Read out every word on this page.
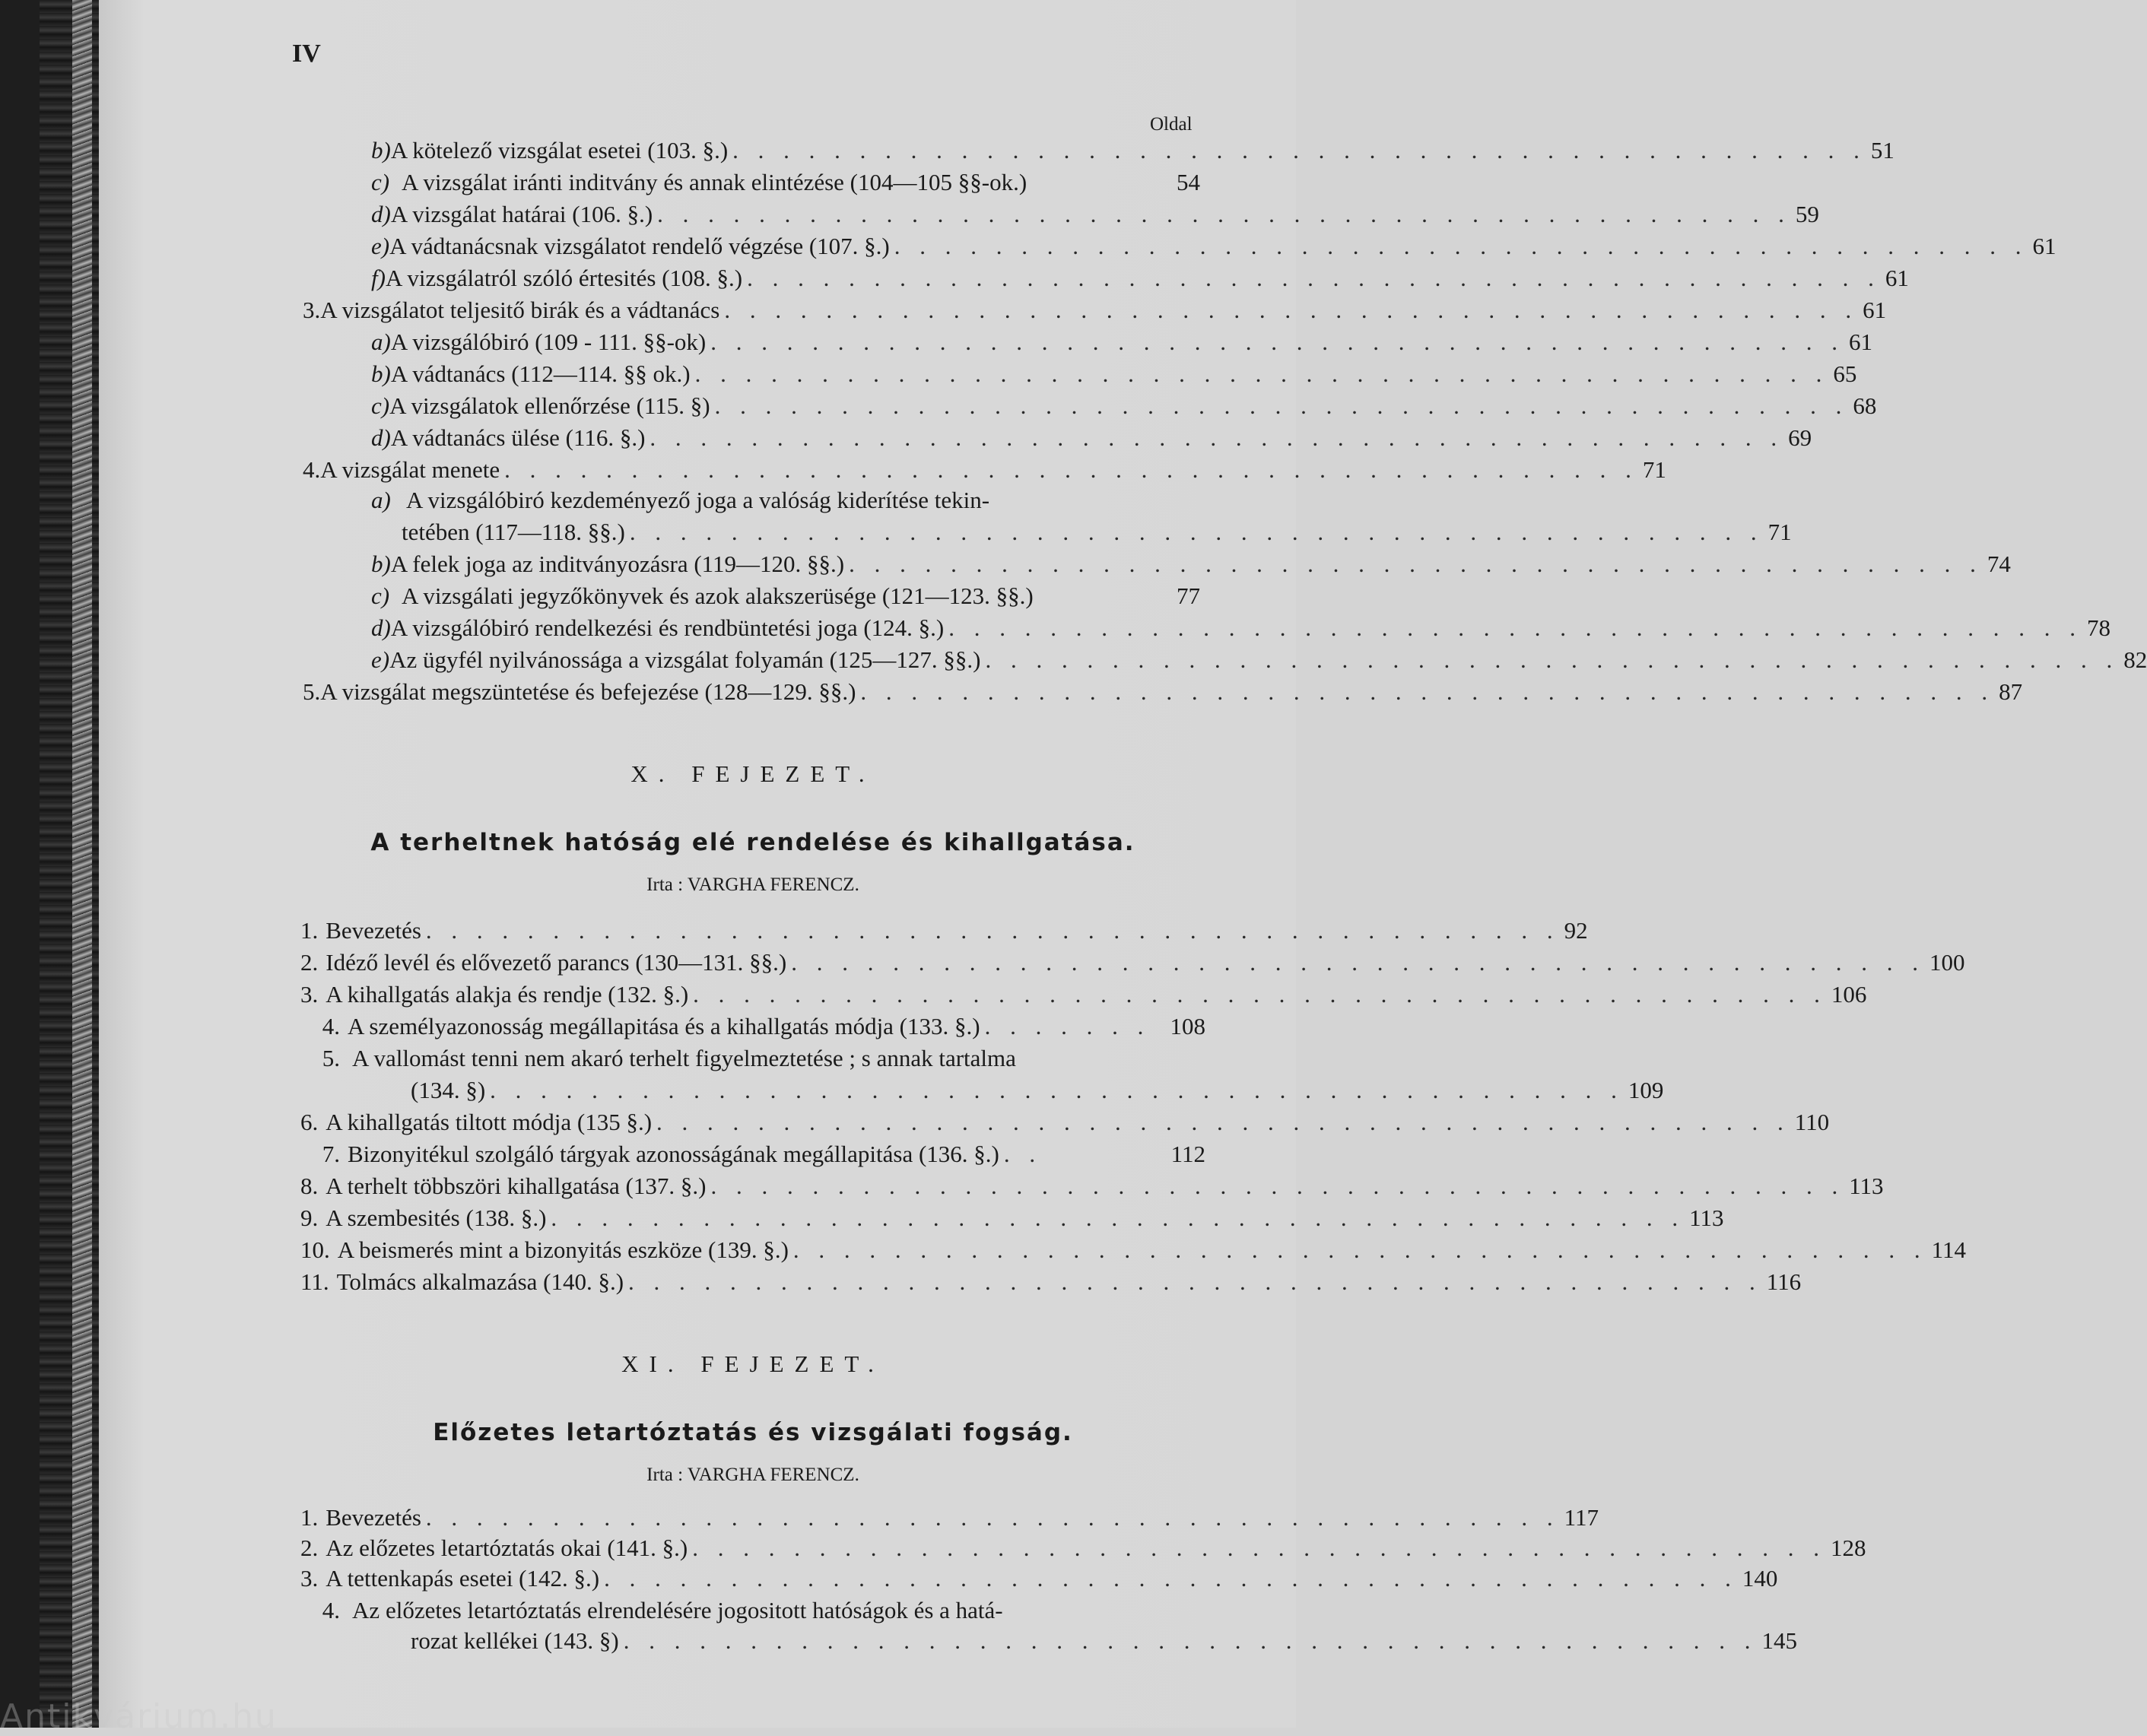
IV
Oldal
b) A kötelező vizsgálat esetei (103. §.) . . . . . . . . . . . . . . . . . . . . . . . . . . . . . . . . . . . . . . . . . . . . . 51
c) A vizsgálat iránti inditvány és annak elintézése (104—105 §§-ok.)	54
d) A vizsgálat határai (106. §.) . . . . . . . . . . . . . . . . . . . . . . . . . . . . . . . . . . . . . . . . . . . . . 59
e) A vádtanácsnak vizsgálatot rendelő végzése (107. §.) . . . . . . . . . . . . . . . . . . . . . . . . . . . . . . . . . . . . . . . . . . . . . 61
f) A vizsgálatról szóló értesités (108. §.) . . . . . . . . . . . . . . . . . . . . . . . . . . . . . . . . . . . . . . . . . . . . . 61
3. A vizsgálatot teljesitő birák és a vádtanács . . . . . . . . . . . . . . . . . . . . . . . . . . . . . . . . . . . . . . . . . . . . . 61
a) A vizsgálóbiró (109 - 111. §§-ok) . . . . . . . . . . . . . . . . . . . . . . . . . . . . . . . . . . . . . . . . . . . . . 61
b) A vádtanács (112—114. §§ ok.) . . . . . . . . . . . . . . . . . . . . . . . . . . . . . . . . . . . . . . . . . . . . . 65
c) A vizsgálatok ellenőrzése (115. §) . . . . . . . . . . . . . . . . . . . . . . . . . . . . . . . . . . . . . . . . . . . . . 68
d) A vádtanács ülése (116. §.) . . . . . . . . . . . . . . . . . . . . . . . . . . . . . . . . . . . . . . . . . . . . . 69
4. A vizsgálat menete . . . . . . . . . . . . . . . . . . . . . . . . . . . . . . . . . . . . . . . . . . . . . 71
a) A vizsgálóbiró kezdeményező joga a valóság kiderítése tekin-
tetében (117—118. §§.) . . . . . . . . . . . . . . . . . . . . . . . . . . . . . . . . . . . . . . . . . . . . . 71
b) A felek joga az inditványozásra (119—120. §§.) . . . . . . . . . . . . . . . . . . . . . . . . . . . . . . . . . . . . . . . . . . . . . 74
c) A vizsgálati jegyzőkönyvek és azok alakszerüsége (121—123. §§.)	77
d) A vizsgálóbiró rendelkezési és rendbüntetési joga (124. §.) . . . . . . . . . . . . . . . . . . . . . . . . . . . . . . . . . . . . . . . . . . . . . 78
e) Az ügyfél nyilvánossága a vizsgálat folyamán (125—127. §§.) . . . . . . . . . . . . . . . . . . . . . . . . . . . . . . . . . . . . . . . . . . . . . 82
5. A vizsgálat megszüntetése és befejezése (128—129. §§.) . . . . . . . . . . . . . . . . . . . . . . . . . . . . . . . . . . . . . . . . . . . . . 87
X. FEJEZET.
A terheltnek hatóság elé rendelése és kihallgatása.
Irta : VARGHA FERENCZ.
1. Bevezetés . . . . . . . . . . . . . . . . . . . . . . . . . . . . . . . . . . . . . . . . . . . . . 92
2. Idéző levél és elővezető parancs (130—131. §§.) . . . . . . . . . . . . . . . . . . . . . . . . . . . . . . . . . . . . . . . . . . . . . 100
3. A kihallgatás alakja és rendje (132. §.) . . . . . . . . . . . . . . . . . . . . . . . . . . . . . . . . . . . . . . . . . . . . . 106
4. A személyazonosság megállapitása és a kihallgatás módja (133. §.) . . . . . . . 108
5. A vallomást tenni nem akaró terhelt figyelmeztetése ; s annak tartalma
(134. §) . . . . . . . . . . . . . . . . . . . . . . . . . . . . . . . . . . . . . . . . . . . . . 109
6. A kihallgatás tiltott módja (135 §.) . . . . . . . . . . . . . . . . . . . . . . . . . . . . . . . . . . . . . . . . . . . . . 110
7. Bizonyitékul szolgáló tárgyak azonosságának megállapitása (136. §.) . .	112
8. A terhelt többszöri kihallgatása (137. §.) . . . . . . . . . . . . . . . . . . . . . . . . . . . . . . . . . . . . . . . . . . . . . 113
9. A szembesités (138. §.) . . . . . . . . . . . . . . . . . . . . . . . . . . . . . . . . . . . . . . . . . . . . . 113
10. A beismerés mint a bizonyitás eszköze (139. §.) . . . . . . . . . . . . . . . . . . . . . . . . . . . . . . . . . . . . . . . . . . . . . 114
11. Tolmács alkalmazása (140. §.) . . . . . . . . . . . . . . . . . . . . . . . . . . . . . . . . . . . . . . . . . . . . . 116
XI. FEJEZET.
Előzetes letartóztatás és vizsgálati fogság.
Irta : VARGHA FERENCZ.
1. Bevezetés . . . . . . . . . . . . . . . . . . . . . . . . . . . . . . . . . . . . . . . . . . . . . 117
2. Az előzetes letartóztatás okai (141. §.) . . . . . . . . . . . . . . . . . . . . . . . . . . . . . . . . . . . . . . . . . . . . . 128
3. A tettenkapás esetei (142. §.) . . . . . . . . . . . . . . . . . . . . . . . . . . . . . . . . . . . . . . . . . . . . . 140
4. Az előzetes letartóztatás elrendelésére jogositott hatóságok és a hatá-
rozat kellékei (143. §) . . . . . . . . . . . . . . . . . . . . . . . . . . . . . . . . . . . . . . . . . . . . . 145
Antikvárium.hu
